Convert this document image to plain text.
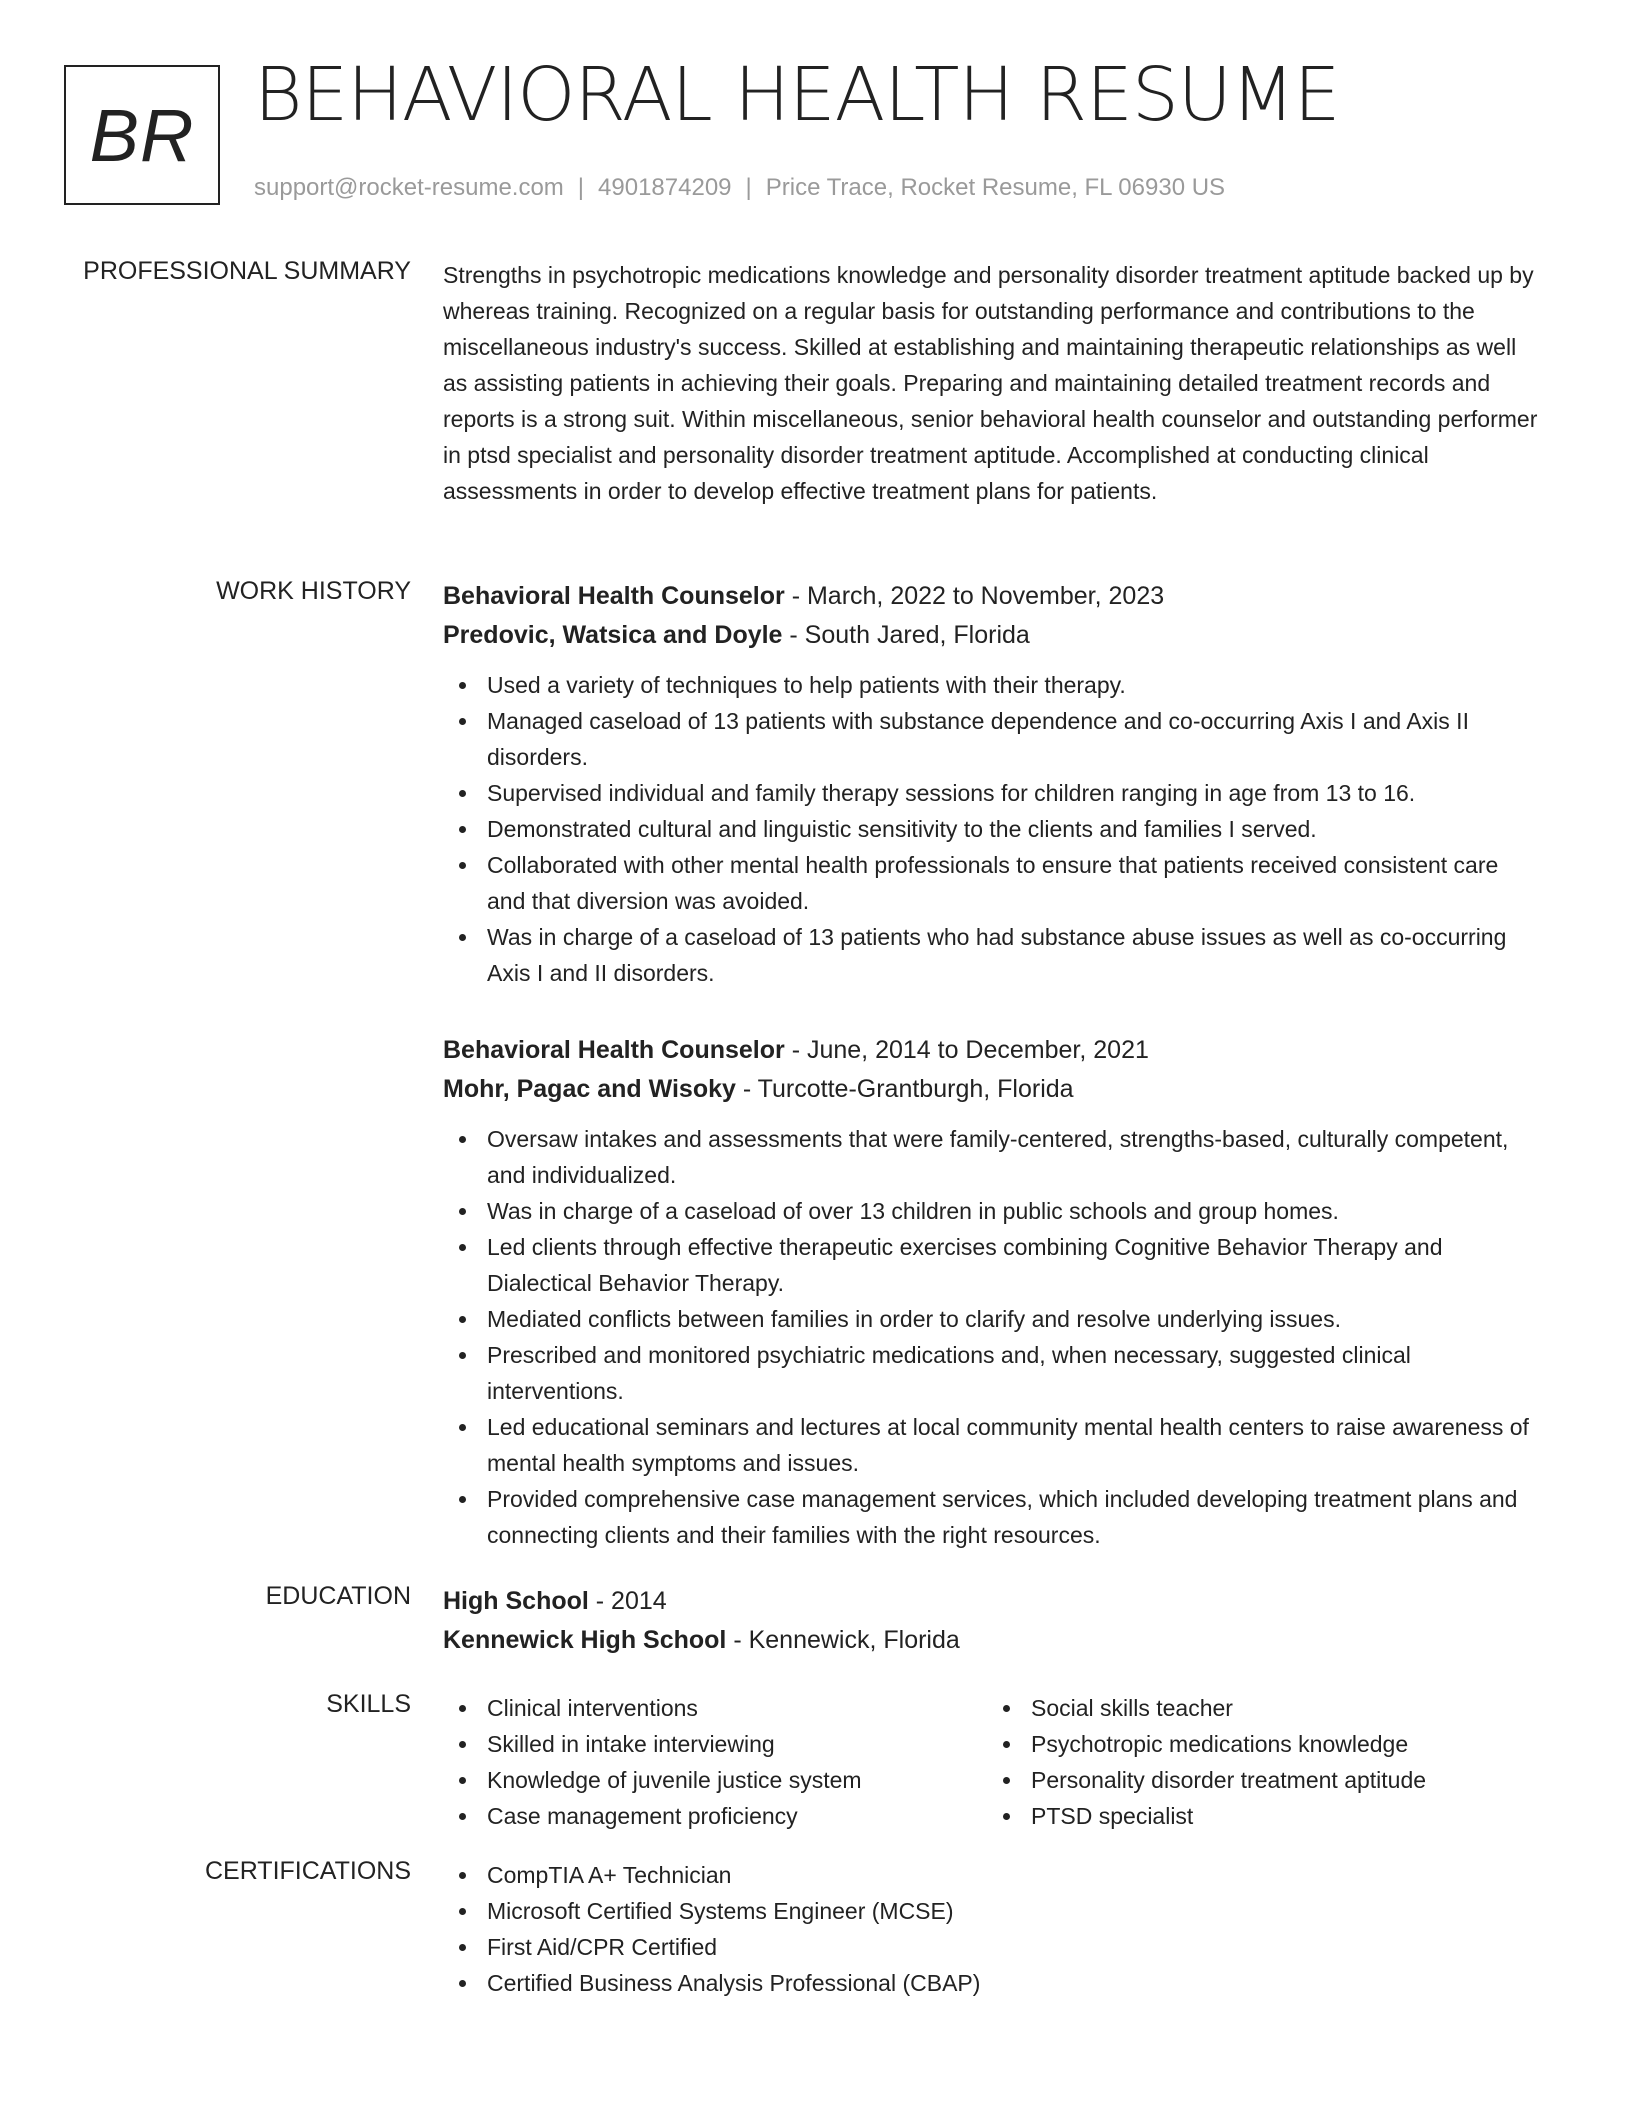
BR BEHAVIORAL HEALTH RESUME
support@rocket-resume.com | 4901874209 | Price Trace, Rocket Resume, FL 06930 US
PROFESSIONAL SUMMARY Strengths in psychotropic medications knowledge and personality disorder treatment aptitude backed up by whereas training. Recognized on a regular basis for outstanding performance and contributions to the miscellaneous industry's success. Skilled at establishing and maintaining therapeutic relationships as well as assisting patients in achieving their goals. Preparing and maintaining detailed treatment records and reports is a strong suit. Within miscellaneous, senior behavioral health counselor and outstanding performer in ptsd specialist and personality disorder treatment aptitude. Accomplished at conducting clinical assessments in order to develop effective treatment plans for patients.

WORK HISTORY Behavioral Health Counselor - March, 2022 to November, 2023
Predovic, Watsica and Doyle - South Jared, Florida
Used a variety of techniques to help patients with their therapy.
Managed caseload of 13 patients with substance dependence and co-occurring Axis I and Axis II disorders.
Supervised individual and family therapy sessions for children ranging in age from 13 to 16.
Demonstrated cultural and linguistic sensitivity to the clients and families I served.
Collaborated with other mental health professionals to ensure that patients received consistent care and that diversion was avoided.
Was in charge of a caseload of 13 patients who had substance abuse issues as well as co-occurring Axis I and II disorders.
Behavioral Health Counselor - June, 2014 to December, 2021
Mohr, Pagac and Wisoky - Turcotte-Grantburgh, Florida
Oversaw intakes and assessments that were family-centered, strengths-based, culturally competent, and individualized.
Was in charge of a caseload of over 13 children in public schools and group homes.
Led clients through effective therapeutic exercises combining Cognitive Behavior Therapy and Dialectical Behavior Therapy.
Mediated conflicts between families in order to clarify and resolve underlying issues.
Prescribed and monitored psychiatric medications and, when necessary, suggested clinical interventions.
Led educational seminars and lectures at local community mental health centers to raise awareness of mental health symptoms and issues.
Provided comprehensive case management services, which included developing treatment plans and connecting clients and their families with the right resources.
EDUCATION High School - 2014
Kennewick High School - Kennewick, Florida
SKILLS	Clinical interventions
Skilled in intake interviewing
Knowledge of juvenile justice system
Case management proficiency
Social skills teacher
Psychotropic medications knowledge
Personality disorder treatment aptitude
PTSD specialist
CERTIFICATIONS	CompTIA A+ Technician
Microsoft Certified Systems Engineer (MCSE)
First Aid/CPR Certified
Certified Business Analysis Professional (CBAP)
